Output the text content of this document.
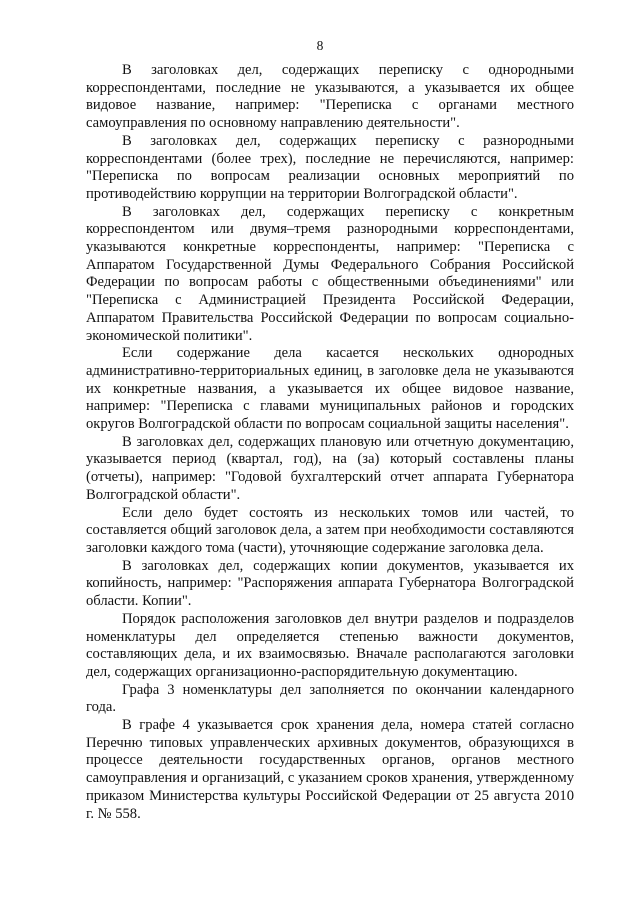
8

В заголовках дел, содержащих переписку с однородными корреспондентами, последние не указываются, а указывается их общее видовое название, например: "Переписка с органами местного самоуправления по основному направлению деятельности".

В заголовках дел, содержащих переписку с разнородными корреспондентами (более трех), последние не перечисляются, например: "Переписка по вопросам реализации основных мероприятий по противодействию коррупции на территории Волгоградской области".

В заголовках дел, содержащих переписку с конкретным корреспондентом или двумя–тремя разнородными корреспондентами, указываются конкретные корреспонденты, например: "Переписка с Аппаратом Государственной Думы Федерального Собрания Российской Федерации по вопросам работы с общественными объединениями" или "Переписка с Администрацией Президента Российской Федерации, Аппаратом Правительства Российской Федерации по вопросам социально-экономической политики".

Если содержание дела касается нескольких однородных административно-территориальных единиц, в заголовке дела не указываются их конкретные названия, а указывается их общее видовое название, например: "Переписка с главами муниципальных районов и городских округов Волгоградской области по вопросам социальной защиты населения".

В заголовках дел, содержащих плановую или отчетную документацию, указывается период (квартал, год), на (за) который составлены планы (отчеты), например: "Годовой бухгалтерский отчет аппарата Губернатора Волгоградской области".

Если дело будет состоять из нескольких томов или частей, то составляется общий заголовок дела, а затем при необходимости составляются заголовки каждого тома (части), уточняющие содержание заголовка дела.

В заголовках дел, содержащих копии документов, указывается их копийность, например: "Распоряжения аппарата Губернатора Волгоградской области. Копии".

Порядок расположения заголовков дел внутри разделов и подразделов номенклатуры дел определяется степенью важности документов, составляющих дела, и их взаимосвязью. Вначале располагаются заголовки дел, содержащих организационно-распорядительную документацию.

Графа 3 номенклатуры дел заполняется по окончании календарного года.

В графе 4 указывается срок хранения дела, номера статей согласно Перечню типовых управленческих архивных документов, образующихся в процессе деятельности государственных органов, органов местного самоуправления и организаций, с указанием сроков хранения, утвержденному приказом Министерства культуры Российской Федерации от 25 августа 2010 г. № 558.
